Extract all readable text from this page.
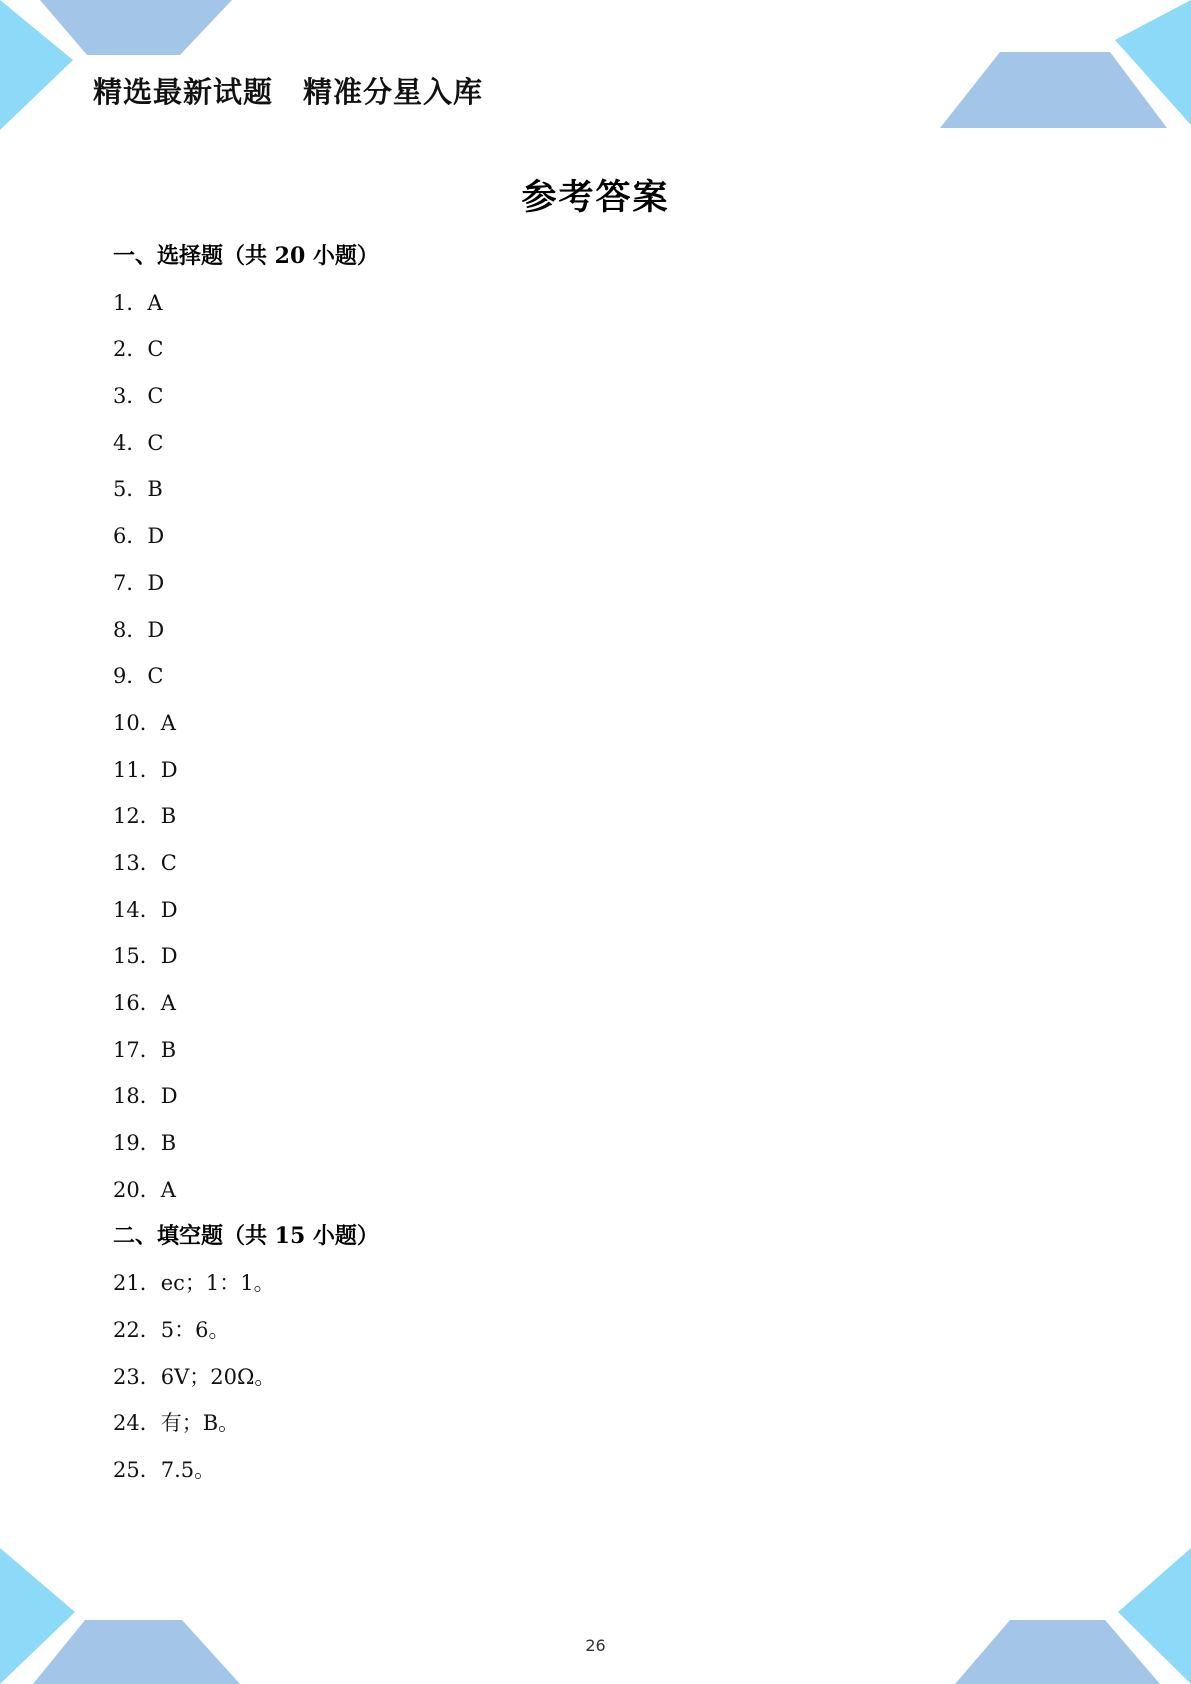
精选最新试题　精准分星入库
参考答案
一、选择题（共 20 小题）
1．A
2．C
3．C
4．C
5．B
6．D
7．D
8．D
9．C
10．A
11．D
12．B
13．C
14．D
15．D
16．A
17．B
18．D
19．B
20．A
二、填空题（共 15 小题）
21．ec；1：1。
22．5：6。
23．6V；20Ω。
24．有；B。
25．7.5。
26
